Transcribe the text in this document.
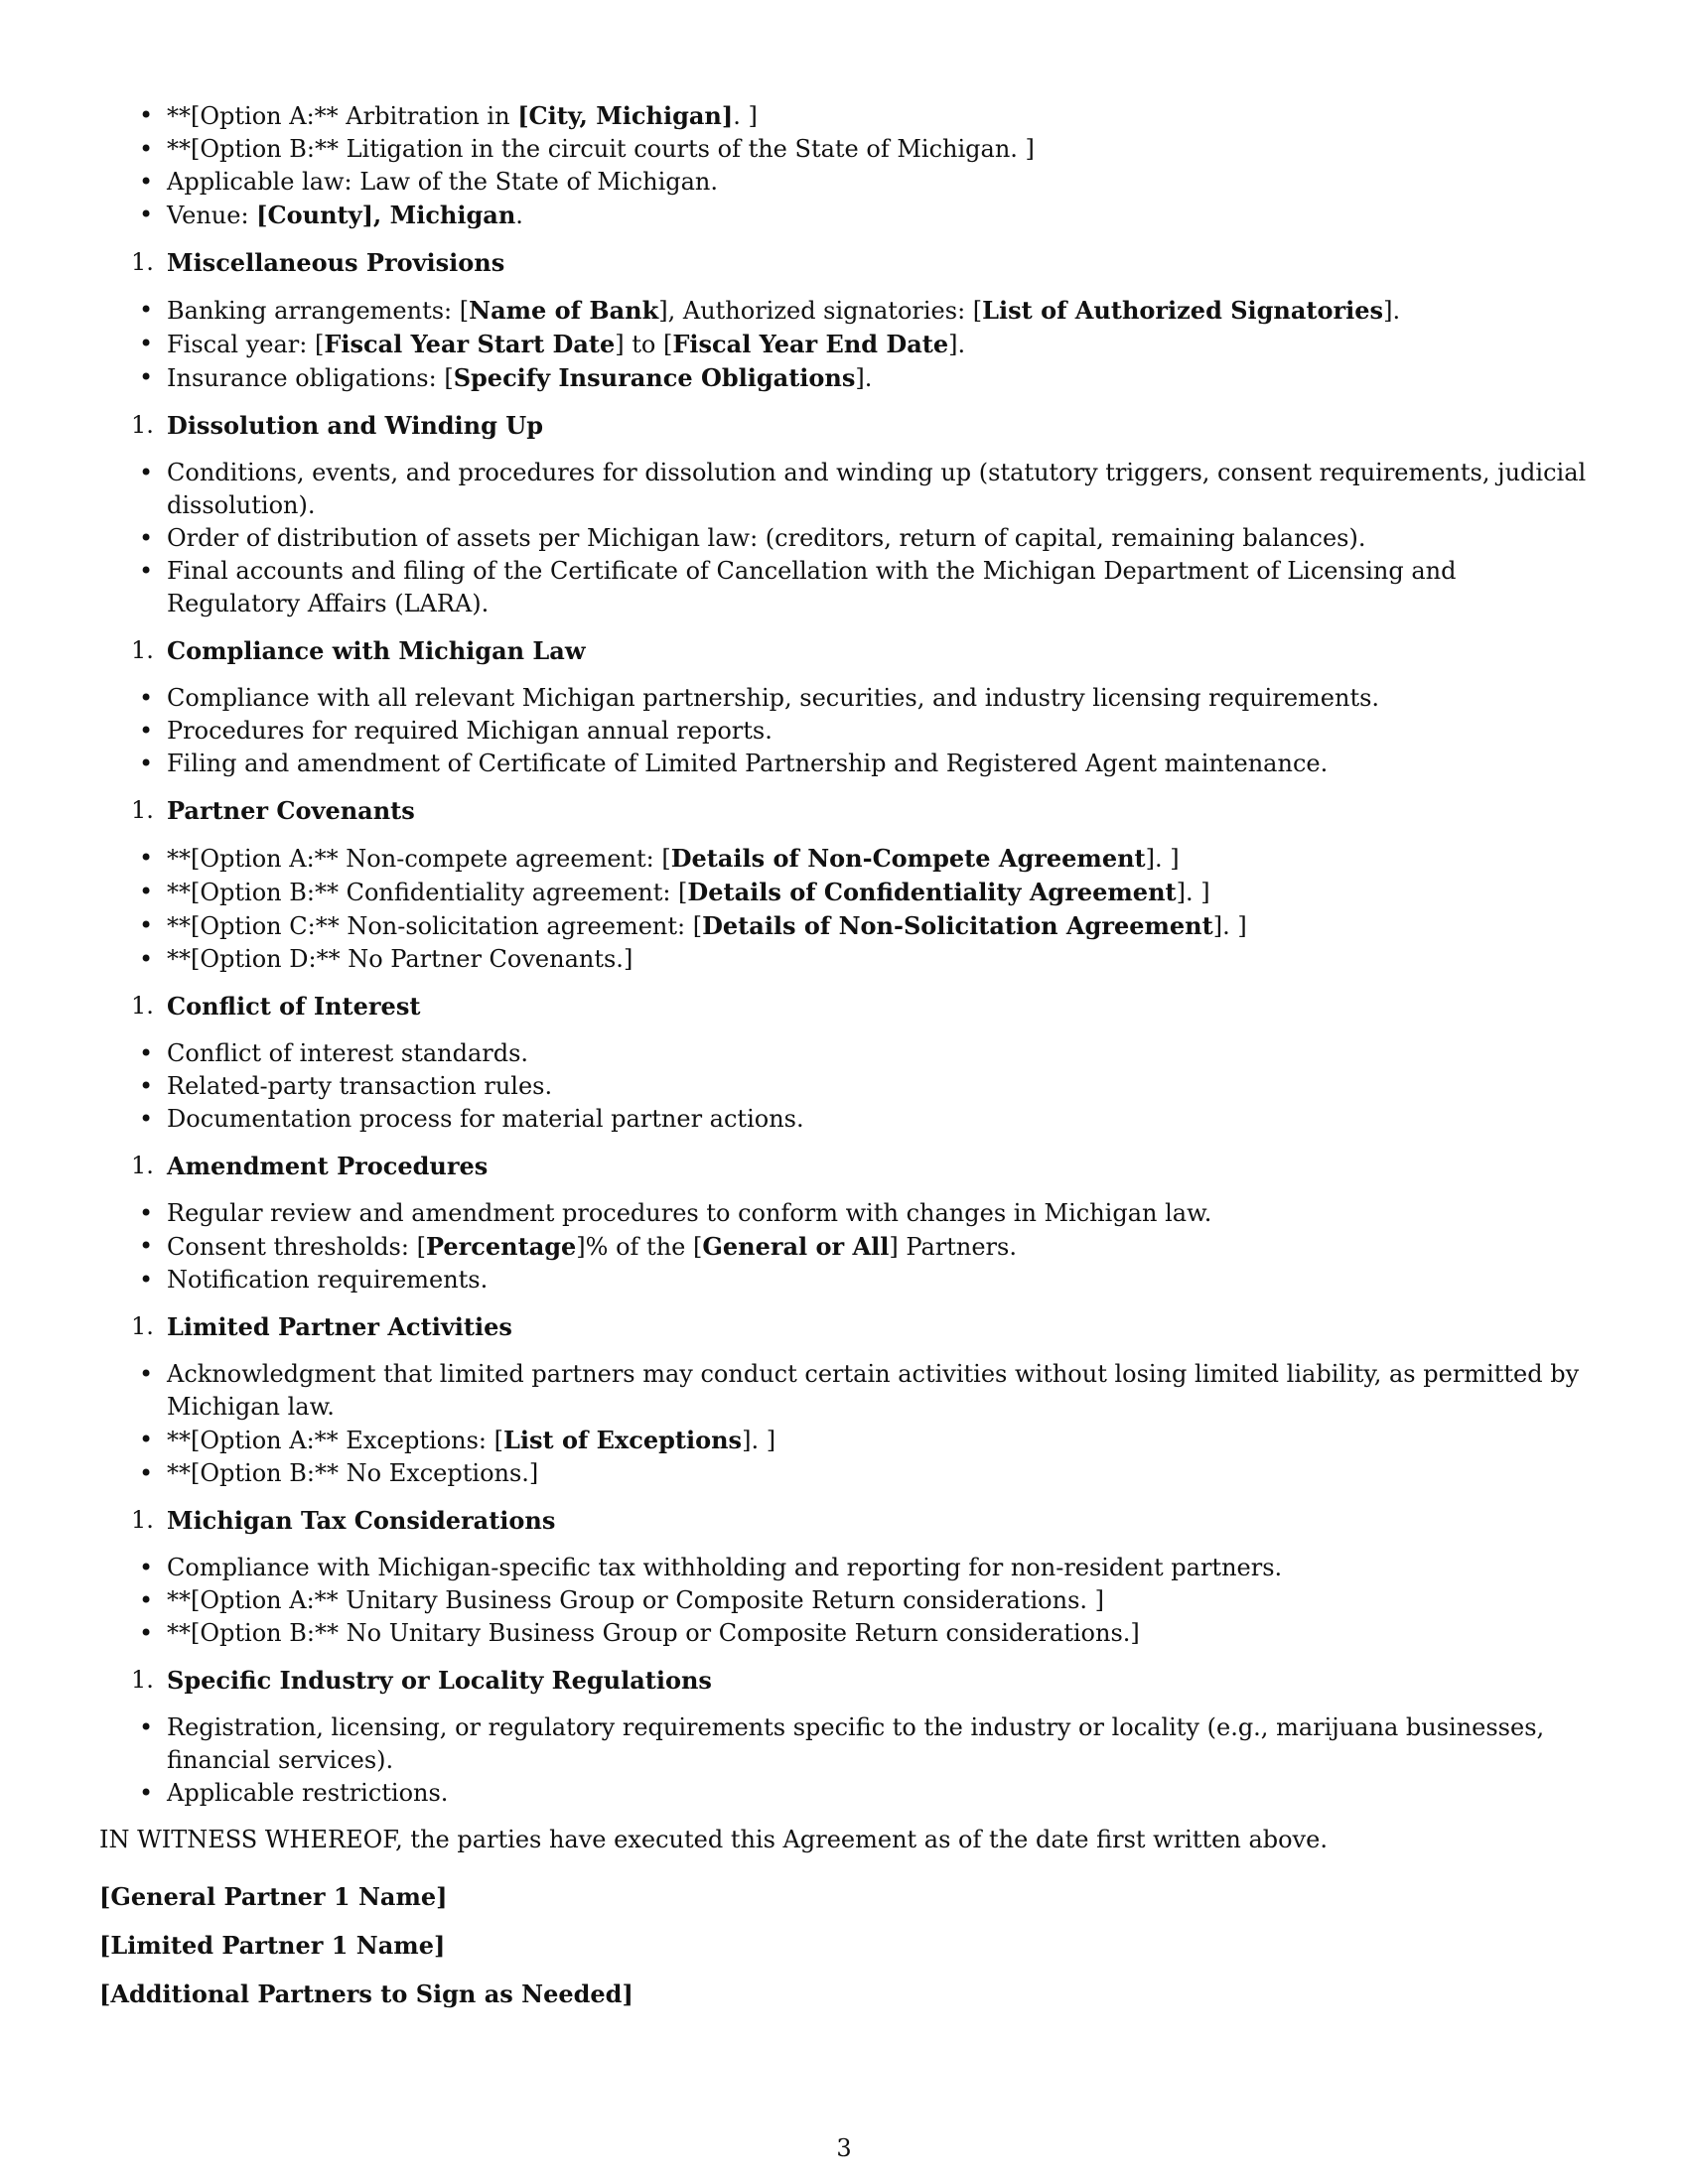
• **[Option A:** Arbitration in [City, Michigan]. ]
• **[Option B:** Litigation in the circuit courts of the State of Michigan. ]
• Applicable law: Law of the State of Michigan.
• Venue: [County], Michigan.
1. Miscellaneous Provisions
• Banking arrangements: [Name of Bank], Authorized signatories: [List of Authorized Signatories].
• Fiscal year: [Fiscal Year Start Date] to [Fiscal Year End Date].
• Insurance obligations: [Specify Insurance Obligations].
1. Dissolution and Winding Up
• Conditions, events, and procedures for dissolution and winding up (statutory triggers, consent requirements, judicial dissolution).
• Order of distribution of assets per Michigan law: (creditors, return of capital, remaining balances).
• Final accounts and filing of the Certificate of Cancellation with the Michigan Department of Licensing and Regulatory Affairs (LARA).
1. Compliance with Michigan Law
• Compliance with all relevant Michigan partnership, securities, and industry licensing requirements.
• Procedures for required Michigan annual reports.
• Filing and amendment of Certificate of Limited Partnership and Registered Agent maintenance.
1. Partner Covenants
• **[Option A:** Non-compete agreement: [Details of Non-Compete Agreement]. ]
• **[Option B:** Confidentiality agreement: [Details of Confidentiality Agreement]. ]
• **[Option C:** Non-solicitation agreement: [Details of Non-Solicitation Agreement]. ]
• **[Option D:** No Partner Covenants.]
1. Conflict of Interest
• Conflict of interest standards.
• Related-party transaction rules.
• Documentation process for material partner actions.
1. Amendment Procedures
• Regular review and amendment procedures to conform with changes in Michigan law.
• Consent thresholds: [Percentage]% of the [General or All] Partners.
• Notification requirements.
1. Limited Partner Activities
• Acknowledgment that limited partners may conduct certain activities without losing limited liability, as permitted by Michigan law.
• **[Option A:** Exceptions: [List of Exceptions]. ]
• **[Option B:** No Exceptions.]
1. Michigan Tax Considerations
• Compliance with Michigan-specific tax withholding and reporting for non-resident partners.
• **[Option A:** Unitary Business Group or Composite Return considerations. ]
• **[Option B:** No Unitary Business Group or Composite Return considerations.]
1. Specific Industry or Locality Regulations
• Registration, licensing, or regulatory requirements specific to the industry or locality (e.g., marijuana businesses, financial services).
• Applicable restrictions.

IN WITNESS WHEREOF, the parties have executed this Agreement as of the date first written above.

[General Partner 1 Name]
[Limited Partner 1 Name]
[Additional Partners to Sign as Needed]
3
